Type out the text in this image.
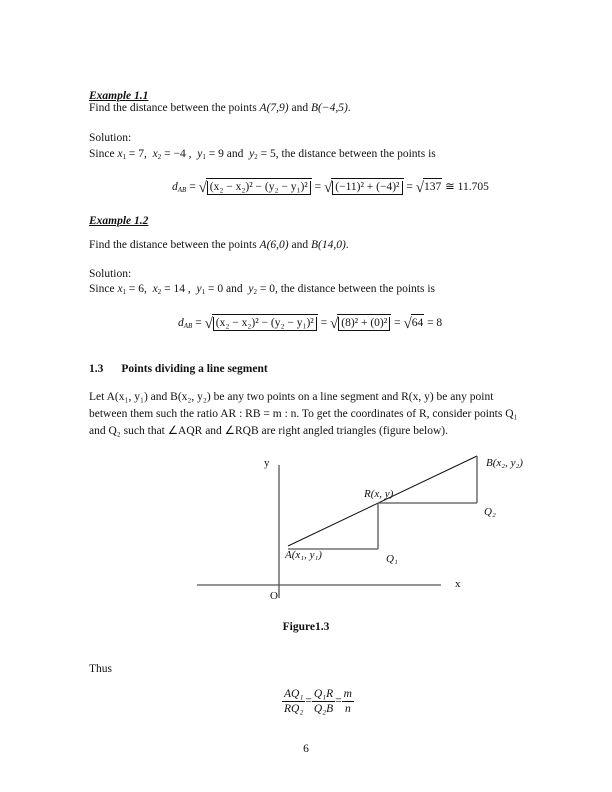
Example 1.1
Find the distance between the points A(7,9) and B(−4,5).
Solution:
Since $x_1 = 7$,  $x_2 = -4$ ,  $y_1 = 9$ and  $y_2 = 5$, the distance between the points is
$d_{AB}$ = √ (x₂ − x₂)² − (y₂ − y₁)² = √ (−11)² + (−4)² = √137 ≅ 11.705
Example 1.2
Find the distance between the points A(6,0) and B(14,0).
Solution:
Since $x_1 = 6$,  $x_2 = 14$ ,  $y_1 = 0$ and  $y_2 = 0$, the distance between the points is
$d_{AB}$ = √ (x₂ − x₂)² − (y₂ − y₁)² = √ (8)² + (0)² = √64 = 8
1.3 Points dividing a line segment
Let A(x₁, y₁) and B(x₂, y₂) be any two points on a line segment and R(x, y) be any point
between them such the ratio AR : RB = m : n. To get the coordinates of R, consider points Q₁
and Q₂ such that ∠AQR and ∠RQB are right angled triangles (figure below).
y
x
O
A(x₁, y₁)
B(x₂, y₂)
R(x, y)
Q₁
Q₂
Figure1.3
Thus
$\frac{\text{AQ₁}}{\text{RQ₂}} = \frac{\text{Q₁R}}{\text{Q₂B}} = \frac{m}{n}$
6
